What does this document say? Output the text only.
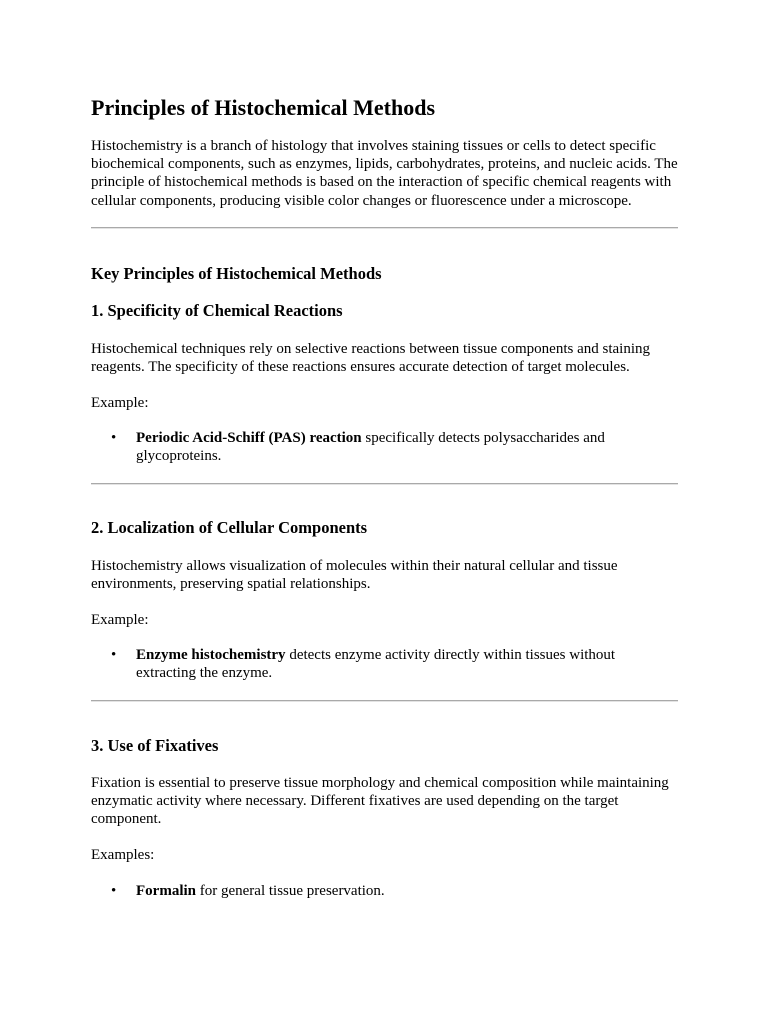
Principles of Histochemical Methods

Histochemistry is a branch of histology that involves staining tissues or cells to detect specific biochemical components, such as enzymes, lipids, carbohydrates, proteins, and nucleic acids. The principle of histochemical methods is based on the interaction of specific chemical reagents with cellular components, producing visible color changes or fluorescence under a microscope.

Key Principles of Histochemical Methods
1. Specificity of Chemical Reactions

Histochemical techniques rely on selective reactions between tissue components and staining reagents. The specificity of these reactions ensures accurate detection of target molecules.

Example:

• Periodic Acid-Schiff (PAS) reaction specifically detects polysaccharides and glycoproteins.

2. Localization of Cellular Components

Histochemistry allows visualization of molecules within their natural cellular and tissue environments, preserving spatial relationships.

Example:

• Enzyme histochemistry detects enzyme activity directly within tissues without extracting the enzyme.

3. Use of Fixatives

Fixation is essential to preserve tissue morphology and chemical composition while maintaining enzymatic activity where necessary. Different fixatives are used depending on the target component.

Examples:

• Formalin for general tissue preservation.
